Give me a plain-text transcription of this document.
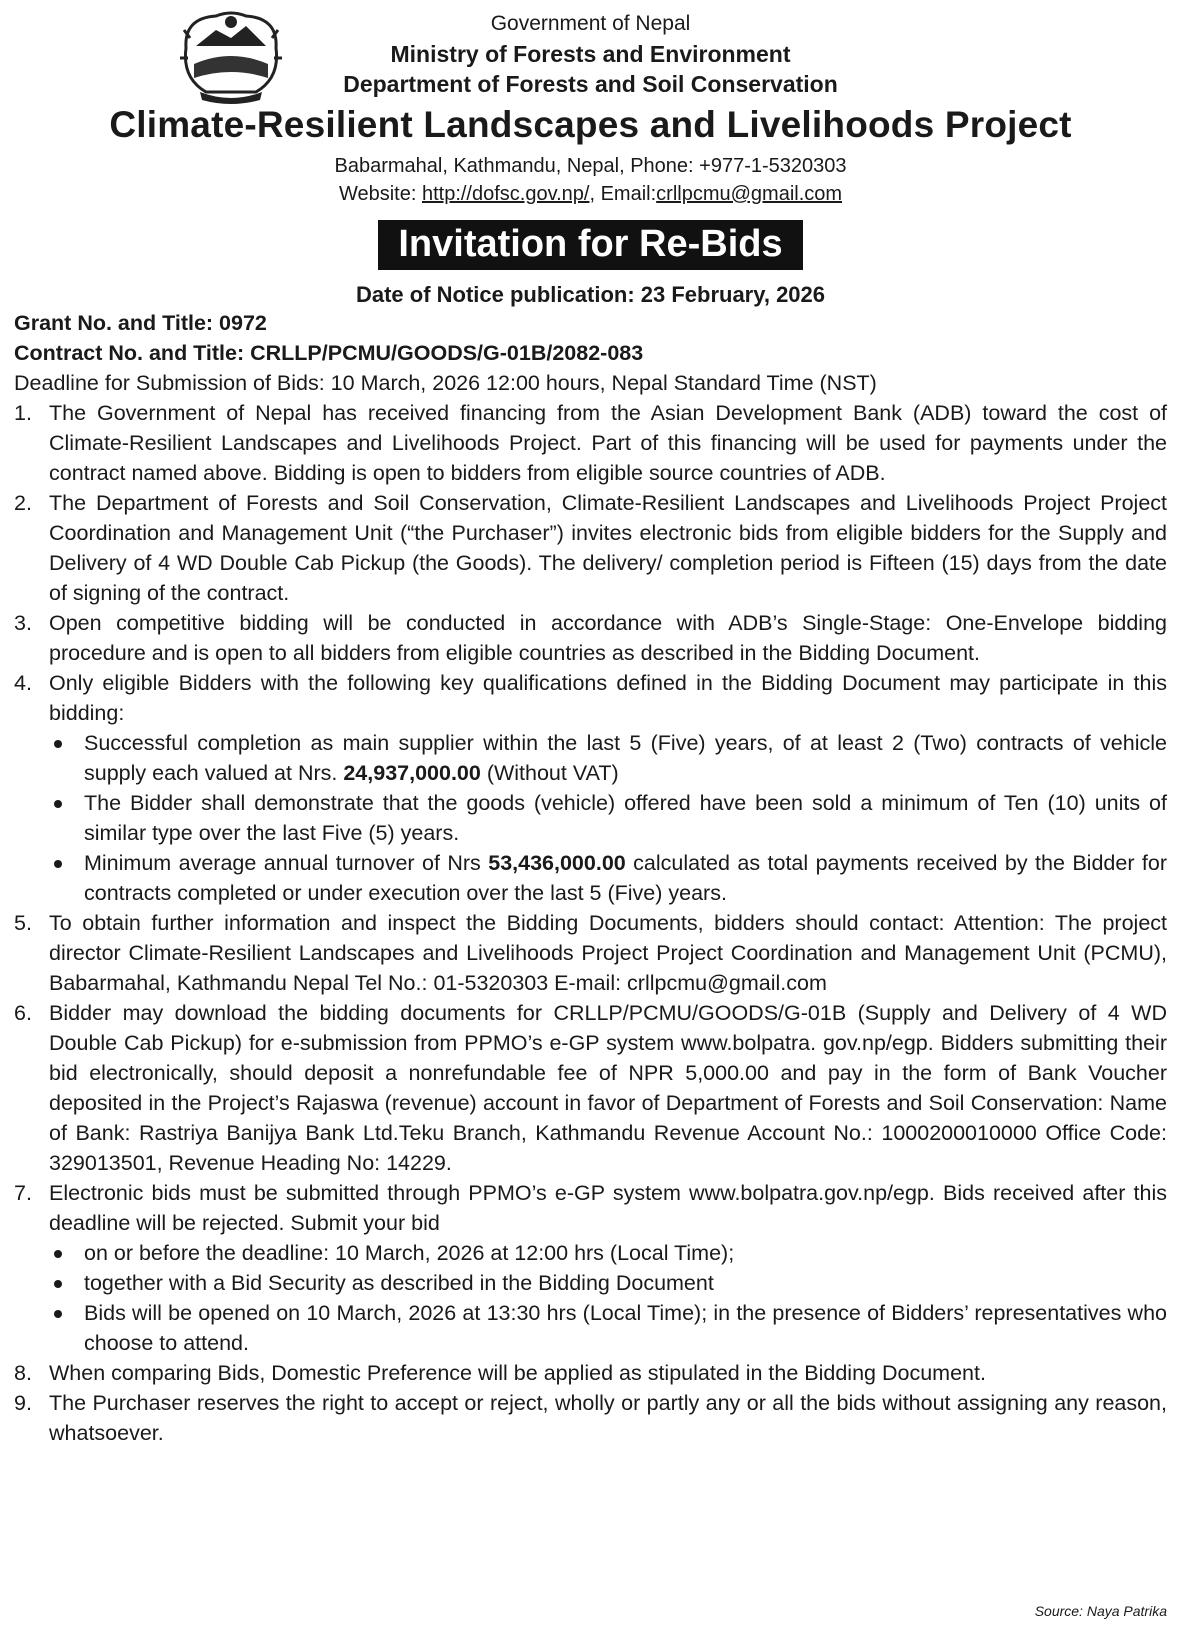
Government of Nepal
Ministry of Forests and Environment
Department of Forests and Soil Conservation
Climate-Resilient Landscapes and Livelihoods Project
Babarmahal, Kathmandu, Nepal, Phone: +977-1-5320303
Website: http://dofsc.gov.np/, Email:crllpcmu@gmail.com
Invitation for Re-Bids
Date of Notice publication: 23 February, 2026
Grant No. and Title: 0972
Contract No. and Title: CRLLP/PCMU/GOODS/G-01B/2082-083
Deadline for Submission of Bids: 10 March, 2026 12:00 hours, Nepal Standard Time (NST)
1. The Government of Nepal has received financing from the Asian Development Bank (ADB) toward the cost of Climate-Resilient Landscapes and Livelihoods Project. Part of this financing will be used for payments under the contract named above. Bidding is open to bidders from eligible source countries of ADB.
2. The Department of Forests and Soil Conservation, Climate-Resilient Landscapes and Livelihoods Project Project Coordination and Management Unit (“the Purchaser”) invites electronic bids from eligible bidders for the Supply and Delivery of 4 WD Double Cab Pickup (the Goods). The delivery/ completion period is Fifteen (15) days from the date of signing of the contract.
3. Open competitive bidding will be conducted in accordance with ADB’s Single-Stage: One-Envelope bidding procedure and is open to all bidders from eligible countries as described in the Bidding Document.
4. Only eligible Bidders with the following key qualifications defined in the Bidding Document may participate in this bidding:
Successful completion as main supplier within the last 5 (Five) years, of at least 2 (Two) contracts of vehicle supply each valued at Nrs. 24,937,000.00 (Without VAT)
The Bidder shall demonstrate that the goods (vehicle) offered have been sold a minimum of Ten (10) units of similar type over the last Five (5) years.
Minimum average annual turnover of Nrs 53,436,000.00 calculated as total payments received by the Bidder for contracts completed or under execution over the last 5 (Five) years.
5. To obtain further information and inspect the Bidding Documents, bidders should contact: Attention: The project director Climate-Resilient Landscapes and Livelihoods Project Project Coordination and Management Unit (PCMU), Babarmahal, Kathmandu Nepal Tel No.: 01-5320303 E-mail: crllpcmu@gmail.com
6. Bidder may download the bidding documents for CRLLP/PCMU/GOODS/G-01B (Supply and Delivery of 4 WD Double Cab Pickup) for e-submission from PPMO’s e-GP system www.bolpatra. gov.np/egp. Bidders submitting their bid electronically, should deposit a nonrefundable fee of NPR 5,000.00 and pay in the form of Bank Voucher deposited in the Project’s Rajaswa (revenue) account in favor of Department of Forests and Soil Conservation: Name of Bank: Rastriya Banijya Bank Ltd.Teku Branch, Kathmandu Revenue Account No.: 1000200010000 Office Code: 329013501, Revenue Heading No: 14229.
7. Electronic bids must be submitted through PPMO’s e-GP system www.bolpatra.gov.np/egp. Bids received after this deadline will be rejected. Submit your bid
on or before the deadline: 10 March, 2026 at 12:00 hrs (Local Time);
together with a Bid Security as described in the Bidding Document
Bids will be opened on 10 March, 2026 at 13:30 hrs (Local Time); in the presence of Bidders’ representatives who choose to attend.
8. When comparing Bids, Domestic Preference will be applied as stipulated in the Bidding Document.
9. The Purchaser reserves the right to accept or reject, wholly or partly any or all the bids without assigning any reason, whatsoever.
Source: Naya Patrika
